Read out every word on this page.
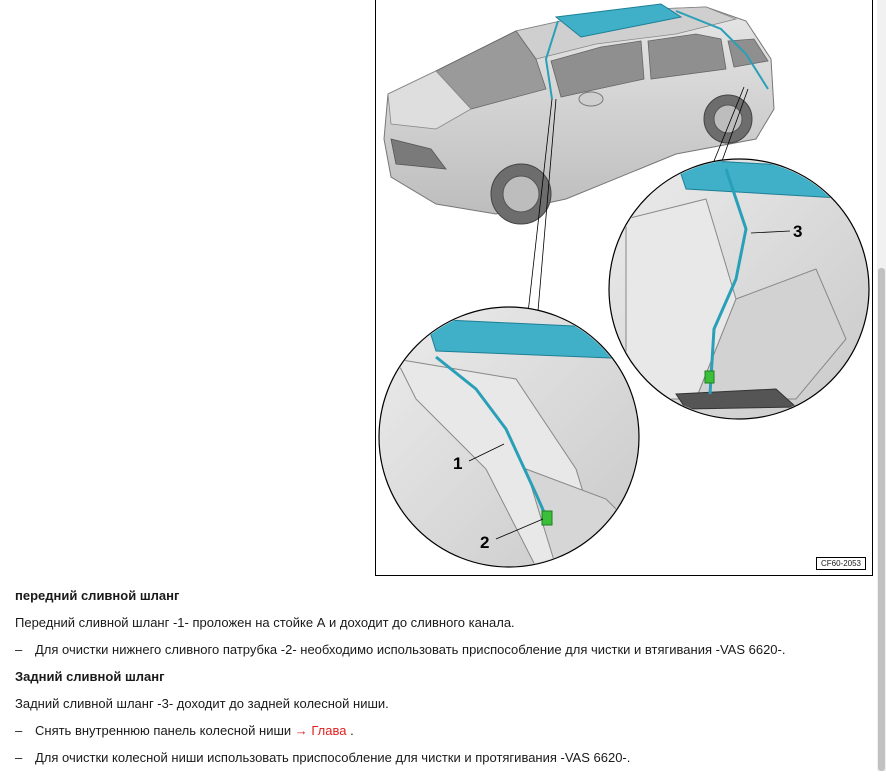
1
2
3
CF60-2053
передний сливной шланг
Передний сливной шланг -1- проложен на стойке А и доходит до сливного канала.
– Для очистки нижнего сливного патрубка -2- необходимо использовать приспособление для чистки и втягивания -VAS 6620-.
Задний сливной шланг
Задний сливной шланг -3- доходит до задней колесной ниши.
– Снять внутреннюю панель колесной ниши → Глава .
– Для очистки колесной ниши использовать приспособление для чистки и протягивания -VAS 6620-.
